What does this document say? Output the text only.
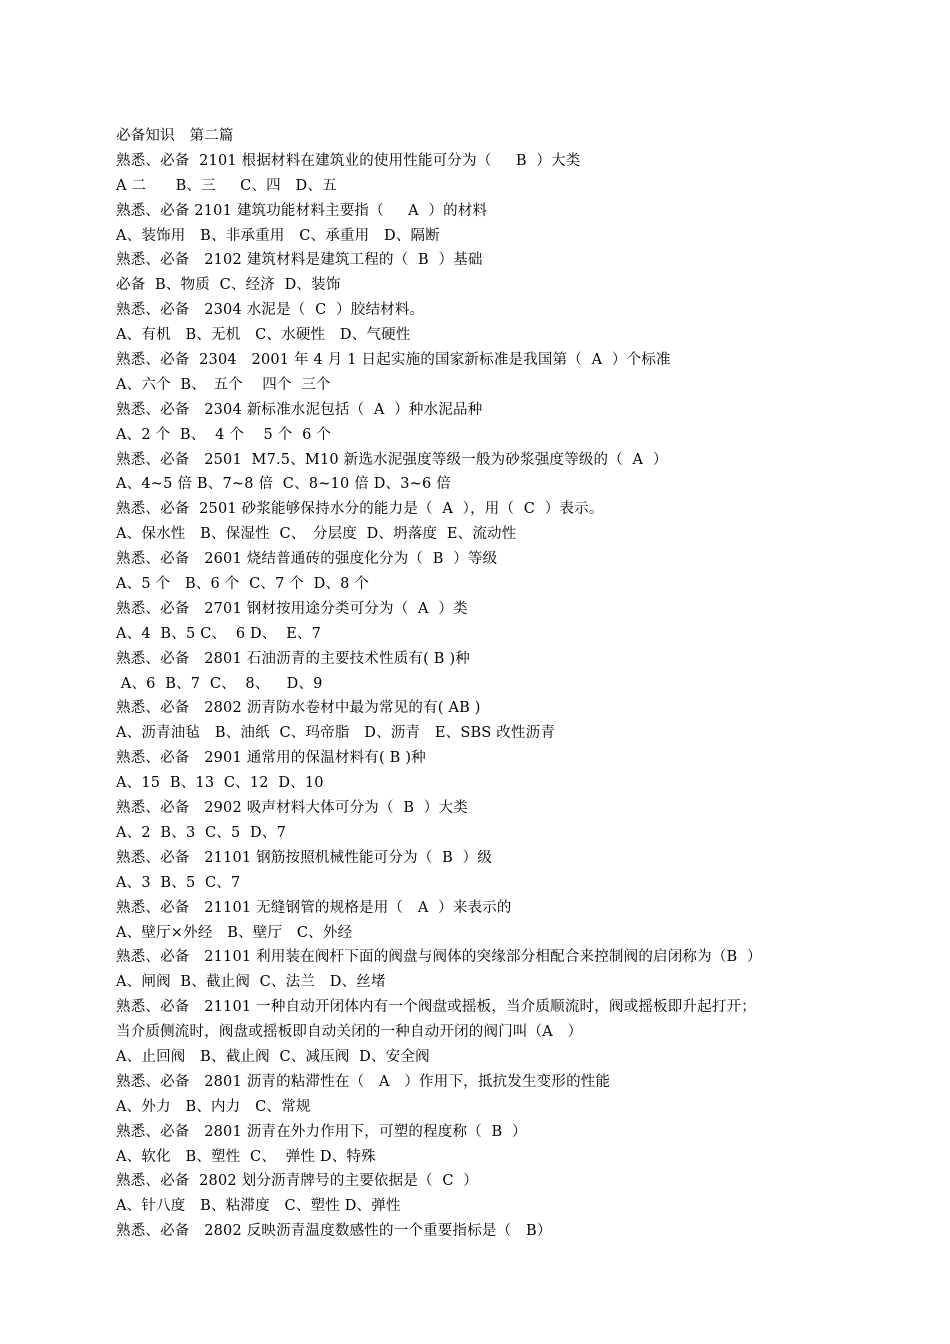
必备知识　第二篇
熟悉、必备  2101 根据材料在建筑业的使用性能可分为（　  B  ）大类
A 二　　B、三　  C、四　D、五
熟悉、必备 2101 建筑功能材料主要指（　  A  ）的材料
A、装饰用　B、非承重用　C、承重用　D、隔断
熟悉、必备　2102 建筑材料是建筑工程的（  B  ）基础
必备  B、物质  C、经济  D、装饰
熟悉、必备　2304 水泥是（  C  ）胶结材料。
A、有机　B、无机　C、水硬性　D、气硬性
熟悉、必备  2304　2001 年 4 月 1 日起实施的国家新标准是我国第（  A  ）个标准
A、六个  B、　五个　 四个  三个
熟悉、必备　2304 新标准水泥包括（  A  ）种水泥品种
A、2 个  B、  4 个　 5 个  6 个
熟悉、必备　2501  M7.5、M10 新选水泥强度等级一般为砂浆强度等级的（  A  ）
A、4~5 倍 B、7~8 倍  C、8~10 倍 D、3~6 倍
熟悉、必备  2501 砂浆能够保持水分的能力是（  A  ），用（  C  ）表示。
A、保水性　B、保湿性  C、　分层度  D、坍落度  E、流动性
熟悉、必备　2601 烧结普通砖的强度化分为（  B  ）等级
A、5 个　B、6 个  C、7 个  D、8 个
熟悉、必备　2701 钢材按用途分类可分为（  A  ）类
A、4  B、5 C、  6 D、  E、7
熟悉、必备　2801 石油沥青的主要技术性质有( B )种
A、6  B、7  C、  8、　  D、9
熟悉、必备　2802 沥青防水卷材中最为常见的有( AB )
A、沥青油毡　B、油纸  C、玛帝脂　D、沥青　E、SBS 改性沥青
熟悉、必备　2901 通常用的保温材料有( B )种
A、15  B、13  C、12  D、10
熟悉、必备　2902 吸声材料大体可分为（  B  ）大类
A、2  B、3  C、5  D、7
熟悉、必备　21101 钢筋按照机械性能可分为（  B  ）级
A、3  B、5  C、7
熟悉、必备　21101 无缝钢管的规格是用（　A  ）来表示的
A、壁厅×外经　B、壁厅　C、外经
熟悉、必备　21101 利用装在阀杆下面的阀盘与阀体的突缘部分相配合来控制阀的启闭称为（B  ）
A、闸阀  B、截止阀  C、法兰　D、丝堵
熟悉、必备　21101 一种自动开闭体内有一个阀盘或摇板，当介质顺流时，阀或摇板即升起打开；
当介质侧流时，阀盘或摇板即自动关闭的一种自动开闭的阀门叫（A　）
A、止回阀　B、截止阀  C、减压阀  D、安全阀
熟悉、必备　2801 沥青的粘滞性在（　A　）作用下，抵抗发生变形的性能
A、外力　B、内力　C、常规
熟悉、必备　2801 沥青在外力作用下，可塑的程度称（  B  ）
A、软化　B、塑性  C、  弹性 D、特殊
熟悉、必备  2802 划分沥青牌号的主要依据是（  C  ）
A、针八度　B、粘滞度　C、塑性 D、弹性
熟悉、必备　2802 反映沥青温度数感性的一个重要指标是（　B）
